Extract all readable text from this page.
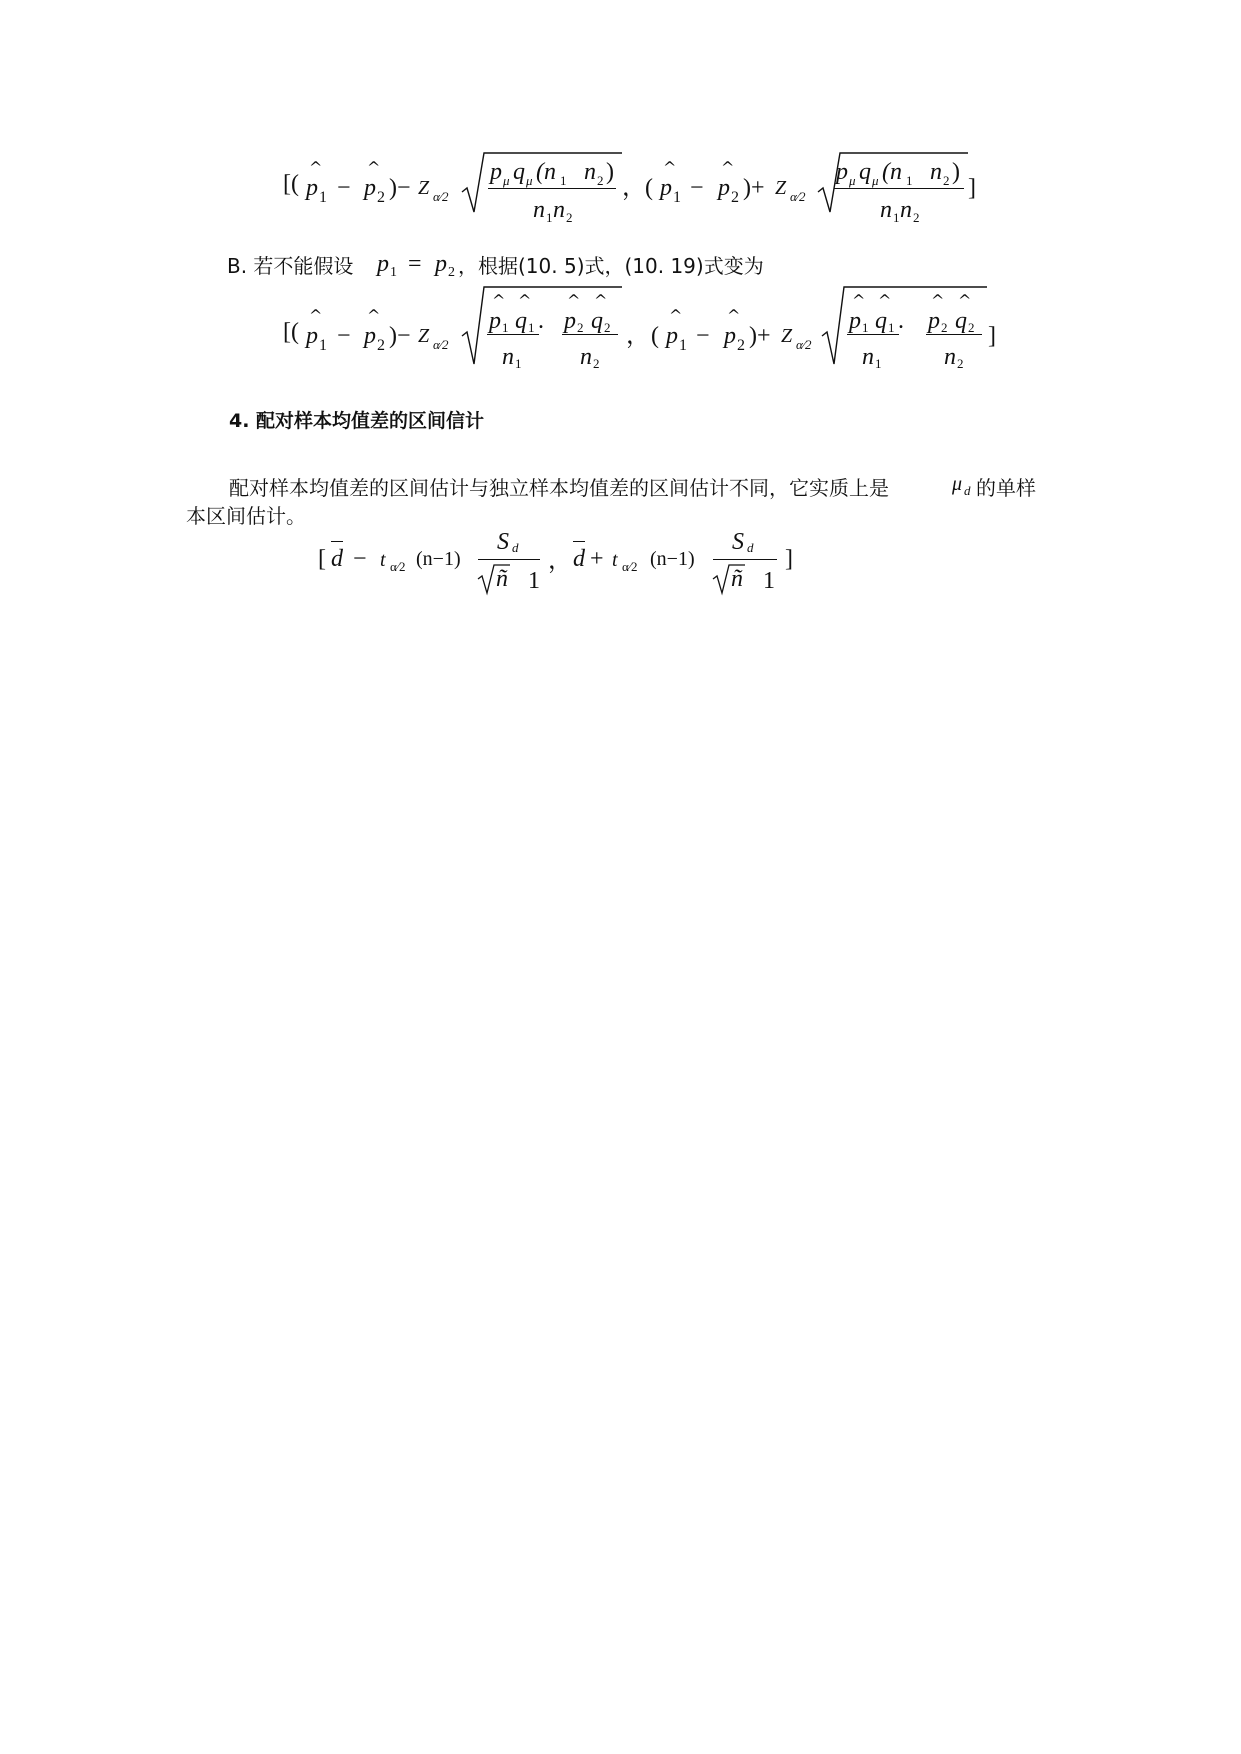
[(
^
p 1 −
^
p 2 )− Z α⁄2
p μ q μ (n 1 n 2 )
n 1 n 2
， (
^
p 1 −
^
p 2 )+ Z α⁄2
p μ q μ (n 1 n 2 )
n 1 n 2
]
B. 若不能假设 p 1 = p 2 ，根据(10. 5)式，(10. 19)式变为
[(
^
p 1 −
^
p 2 )− Z α⁄2
^
p 1
^
q 1 .
n 1
^
p 2
^
q 2
n 2
， (
^
p 1 −
^
p 2 )+ Z α⁄2
^
p 1
^
q 1 .
n 1
^
p 2
^
q 2
n 2
]
4. 配对样本均值差的区间信计
配对样本均值差的区间估计与独立样本均值差的区间估计不同，它实质上是	μ d 的单样
本区间估计。
[ d − t α⁄2 (n−1)
S d
ñ 1
， d + t α⁄2 (n−1)
S d
ñ 1
]
